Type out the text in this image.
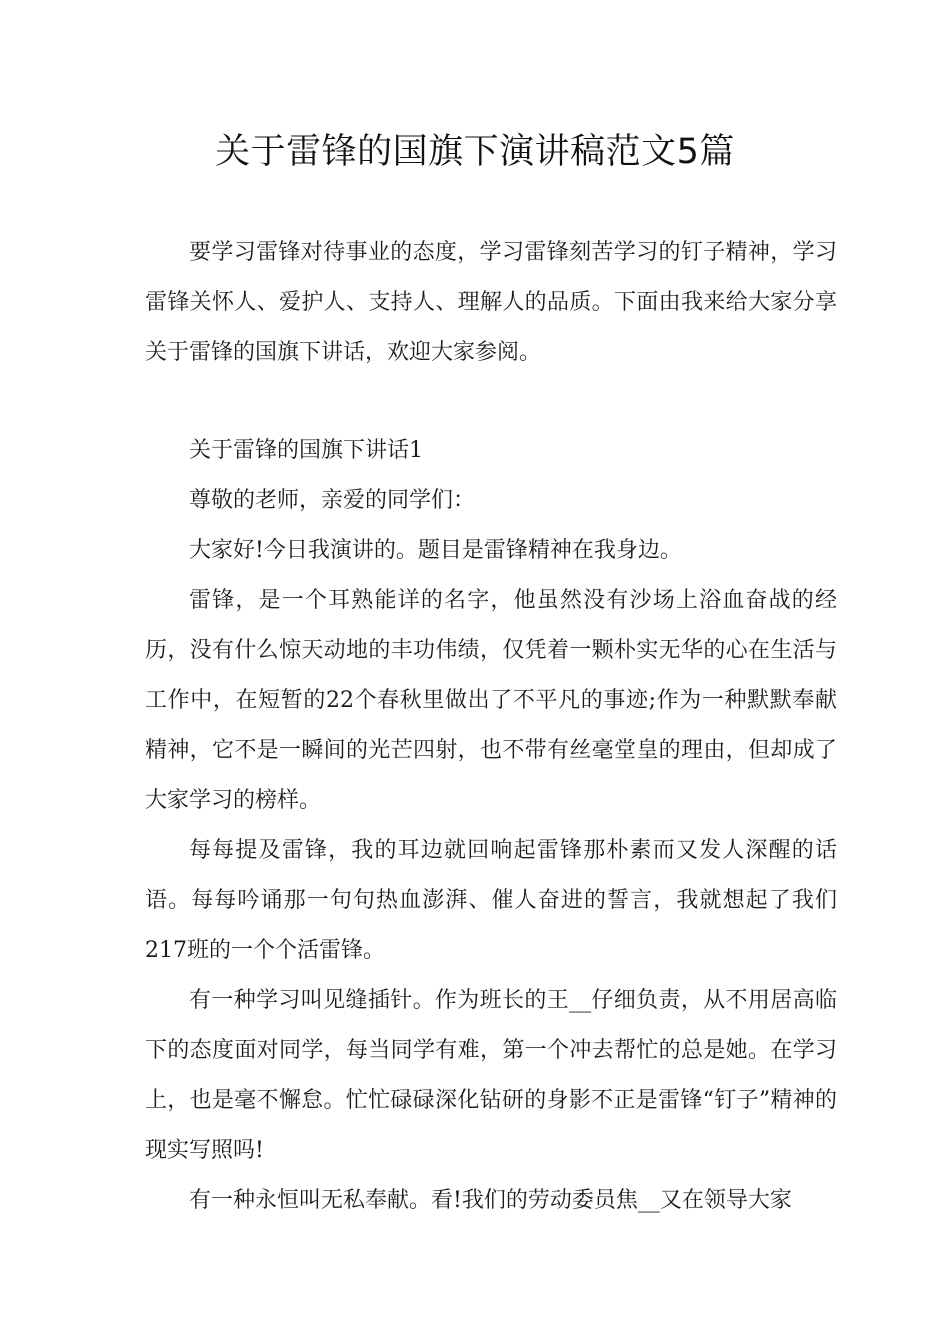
关于雷锋的国旗下演讲稿范文5篇

要学习雷锋对待事业的态度，学习雷锋刻苦学习的钉子精神，学习雷锋关怀人、爱护人、支持人、理解人的品质。下面由我来给大家分享关于雷锋的国旗下讲话，欢迎大家参阅。

关于雷锋的国旗下讲话1

尊敬的老师，亲爱的同学们：

大家好!今日我演讲的。题目是雷锋精神在我身边。

雷锋，是一个耳熟能详的名字，他虽然没有沙场上浴血奋战的经历，没有什么惊天动地的丰功伟绩，仅凭着一颗朴实无华的心在生活与工作中，在短暂的22个春秋里做出了不平凡的事迹;作为一种默默奉献精神，它不是一瞬间的光芒四射，也不带有丝毫堂皇的理由，但却成了大家学习的榜样。

每每提及雷锋，我的耳边就回响起雷锋那朴素而又发人深醒的话语。每每吟诵那一句句热血澎湃、催人奋进的誓言，我就想起了我们217班的一个个活雷锋。

有一种学习叫见缝插针。作为班长的王__仔细负责，从不用居高临下的态度面对同学，每当同学有难，第一个冲去帮忙的总是她。在学习上，也是毫不懈怠。忙忙碌碌深化钻研的身影不正是雷锋“钉子”精神的现实写照吗!

有一种永恒叫无私奉献。看!我们的劳动委员焦__又在领导大家
